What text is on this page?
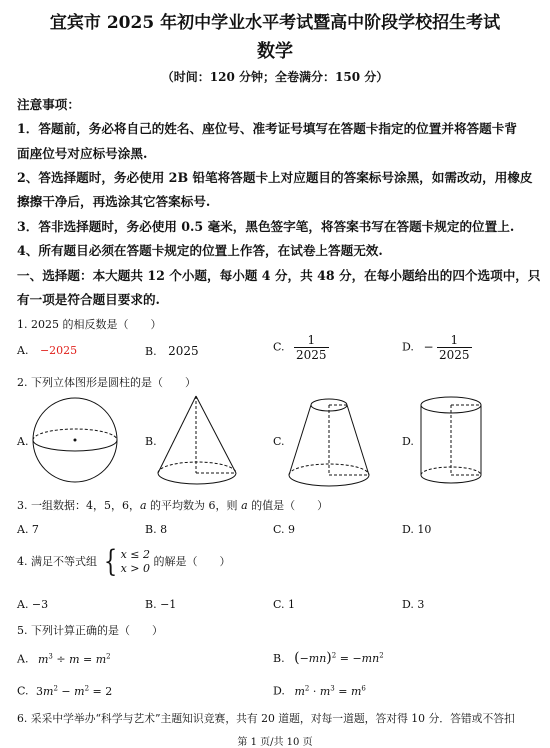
宜宾市 2025 年初中学业水平考试暨高中阶段学校招生考试
数学
（时间：120 分钟；全卷满分：150 分）
注意事项：
1．答题前，务必将自己的姓名、座位号、准考证号填写在答题卡指定的位置并将答题卡背
面座位号对应标号涂黑.
2、答选择题时，务必使用 2B 铅笔将答题卡上对应题目的答案标号涂黑，如需改动，用橡皮
擦擦干净后，再选涂其它答案标号.
3．答非选择题时，务必使用 0.5 毫米，黑色签字笔，将答案书写在答题卡规定的位置上.
4、所有题目必须在答题卡规定的位置上作答，在试卷上答题无效.
一、选择题：本大题共 12 个小题，每小题 4 分，共 48 分，在每小题给出的四个选项中，只
有一项是符合题目要求的.
1. 2025 的相反数是（　　）
A. −2025	B. 2025	C. $\frac{1}{2025}$	D. − $\frac{1}{2025}$
2. 下列立体图形是圆柱的是（　　）
A.	B.	C.	D.
3. 一组数据：4，5，6，a 的平均数为 6，则 a 的值是（　　）
A. 7	B. 8	C. 9	D. 10
4. 满足不等式组 { x ≤ 2
x > 0
的解是（　　）
A. −3	B. −1	C. 1	D. 3
5. 下列计算正确的是（　　）
A. $m^3 \div m = m^2$	B. $(-mn)^2 = -mn^2$
C. $3m^2 - m^2 = 2$	D. $m^2 \cdot m^3 = m^6$
6. 采采中学举办“科学与艺术”主题知识竞赛，共有 20 道题，对每一道题，答对得 10 分．答错或不答扣
第 1 页/共 10 页
